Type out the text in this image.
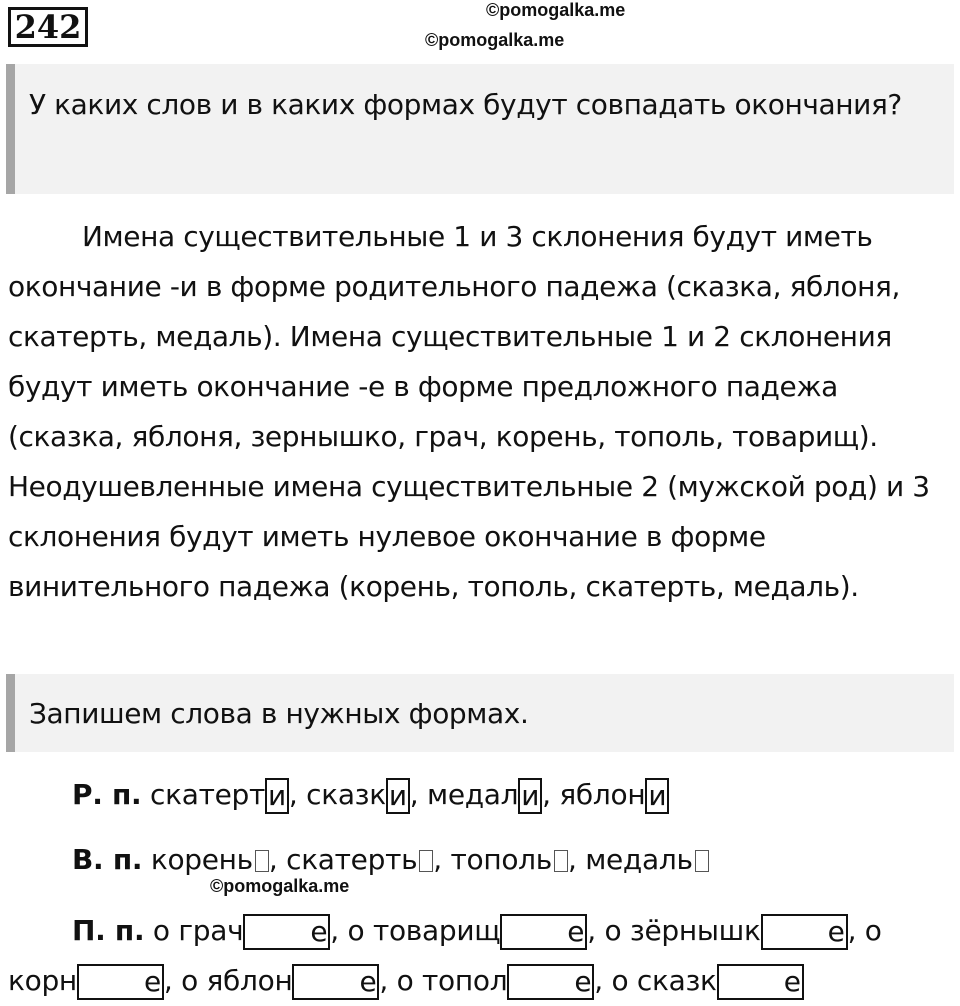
242	©pomogalka.me
©pomogalka.me
У каких слов и в каких формах будут совпадать окончания?

Имена существительные 1 и 3 склонения будут иметь окончание -и в форме родительного падежа (сказка, яблоня, скатерть, медаль). Имена существительные 1 и 2 склонения будут иметь окончание -е в форме предложного падежа (сказка, яблоня, зернышко, грач, корень, тополь, товарищ). Неодушевленные имена существительные 2 (мужской род) и 3 склонения будут иметь нулевое окончание в форме винительного падежа (корень, тополь, скатерть, медаль).

Запишем слова в нужных формах.
Р. п. скатерт и , сказк и , медал и , яблон и
В. п. корень , скатерть , тополь , медаль
©pomogalka.me
П. п. о грач е , о товарищ е , о зёрнышк е , о корн е , о яблон е , о топол е , о сказк е
